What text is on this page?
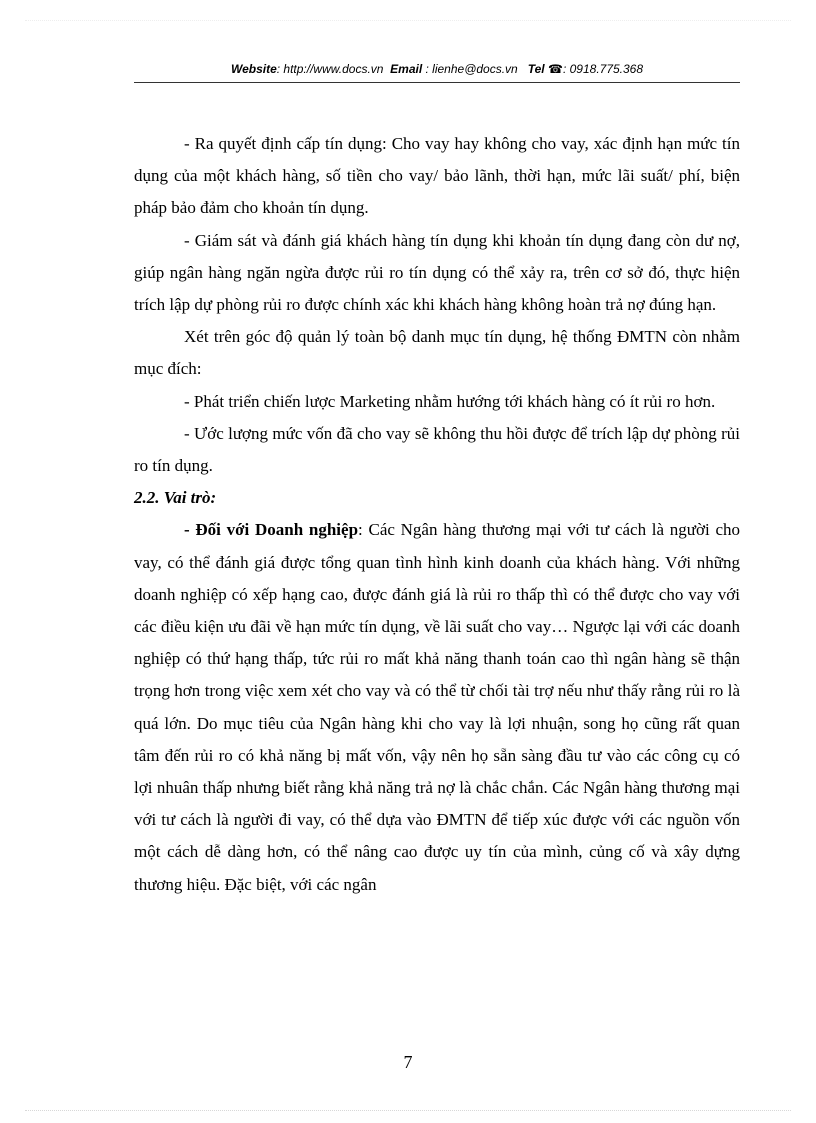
Website: http://www.docs.vn Email : lienhe@docs.vn Tel ☎: 0918.775.368

- Ra quyết định cấp tín dụng: Cho vay hay không cho vay, xác định hạn mức tín dụng của một khách hàng, số tiền cho vay/ bảo lãnh, thời hạn, mức lãi suất/ phí, biện pháp bảo đảm cho khoản tín dụng.

- Giám sát và đánh giá khách hàng tín dụng khi khoản tín dụng đang còn dư nợ, giúp ngân hàng ngăn ngừa được rủi ro tín dụng có thể xảy ra, trên cơ sở đó, thực hiện trích lập dự phòng rủi ro được chính xác khi khách hàng không hoàn trả nợ đúng hạn.

Xét trên góc độ quản lý toàn bộ danh mục tín dụng, hệ thống ĐMTN còn nhằm mục đích:

- Phát triển chiến lược Marketing nhằm hướng tới khách hàng có ít rủi ro hơn.

- Ước lượng mức vốn đã cho vay sẽ không thu hồi được để trích lập dự phòng rủi ro tín dụng.

2.2. Vai trò:

- Đối với Doanh nghiệp: Các Ngân hàng thương mại với tư cách là người cho vay, có thể đánh giá được tổng quan tình hình kinh doanh của khách hàng. Với những doanh nghiệp có xếp hạng cao, được đánh giá là rủi ro thấp thì có thể được cho vay với các điều kiện ưu đãi về hạn mức tín dụng, về lãi suất cho vay… Ngược lại với các doanh nghiệp có thứ hạng thấp, tức rủi ro mất khả năng thanh toán cao thì ngân hàng sẽ thận trọng hơn trong việc xem xét cho vay và có thể từ chối tài trợ nếu như thấy rằng rủi ro là quá lớn. Do mục tiêu của Ngân hàng khi cho vay là lợi nhuận, song họ cũng rất quan tâm đến rủi ro có khả năng bị mất vốn, vậy nên họ sẵn sàng đầu tư vào các công cụ có lợi nhuân thấp nhưng biết rằng khả năng trả nợ là chắc chắn. Các Ngân hàng thương mại với tư cách là người đi vay, có thể dựa vào ĐMTN để tiếp xúc được với các nguồn vốn một cách dễ dàng hơn, có thể nâng cao được uy tín của mình, củng cố và xây dựng thương hiệu. Đặc biệt, với các ngân

7
